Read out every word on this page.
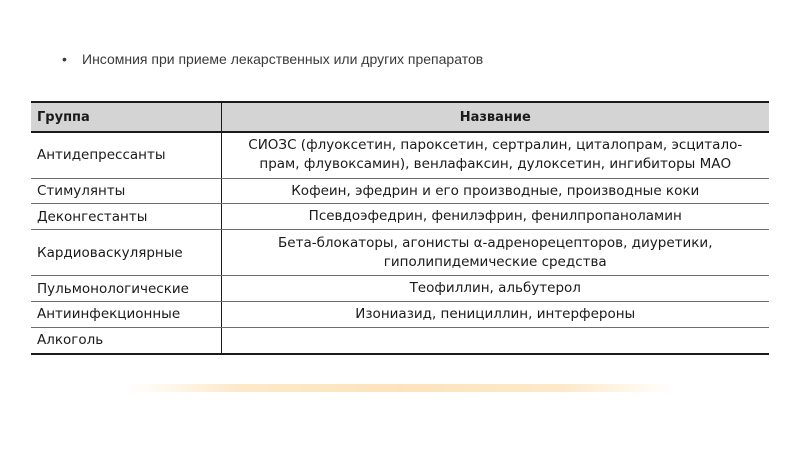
• Инсомния при приеме лекарственных или других препаратов
Группа	Название
Антидепрессанты	СИОЗС (флуоксетин, пароксетин, сертралин, циталопрам, эсцитало-
прам, флувоксамин), венлафаксин, дулоксетин, ингибиторы МАО
Стимулянты	Кофеин, эфедрин и его производные, производные коки
Деконгестанты	Псевдоэфедрин, фенилэфрин, фенилпропаноламин
Кардиоваскулярные	Бета-блокаторы, агонисты α-адренорецепторов, диуретики,
гиполипидемические средства
Пульмонологические	Теофиллин, альбутерол
Антиинфекционные	Изониазид, пенициллин, интерфероны
Алкоголь	
